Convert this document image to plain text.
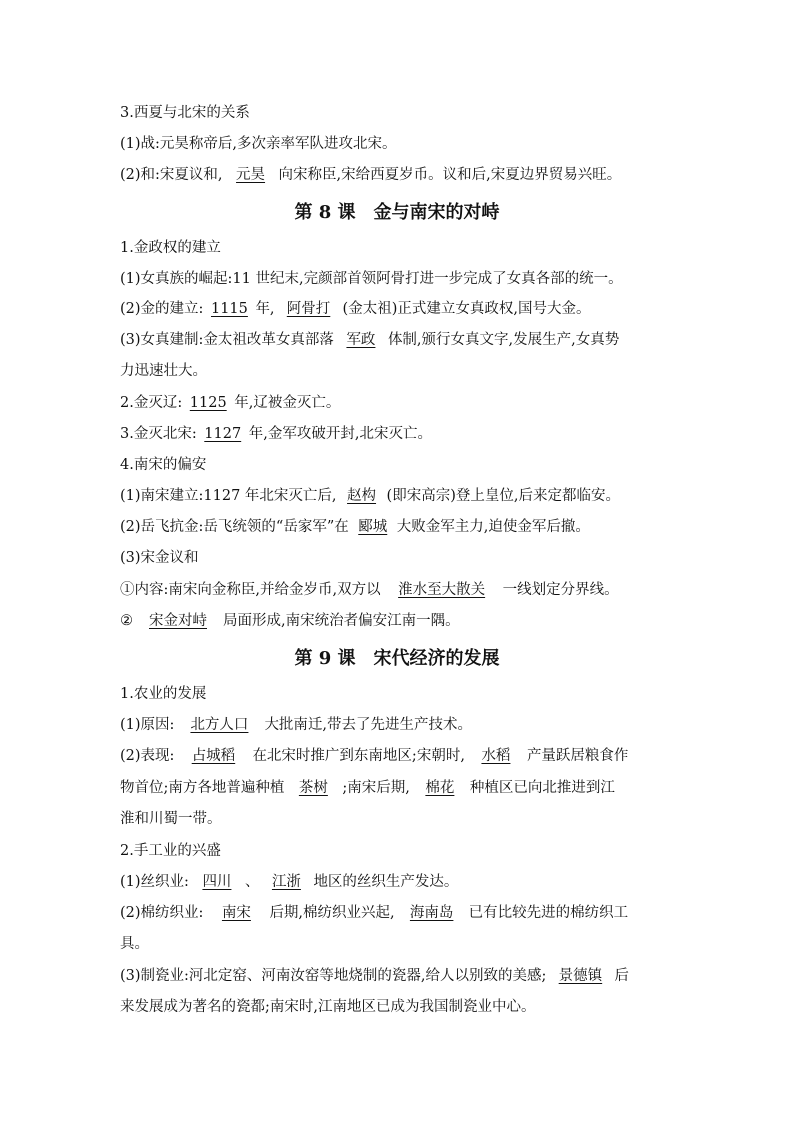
3.西夏与北宋的关系
(1)战:元昊称帝后,多次亲率军队进攻北宋。
(2)和:宋夏议和, 元昊 向宋称臣,宋给西夏岁币。议和后,宋夏边界贸易兴旺。
第 8 课　金与南宋的对峙
1.金政权的建立
(1)女真族的崛起:11 世纪末,完颜部首领阿骨打进一步完成了女真各部的统一。
(2)金的建立: 1115 年, 阿骨打 (金太祖)正式建立女真政权,国号大金。
(3)女真建制:金太祖改革女真部落 军政 体制,颁行女真文字,发展生产,女真势
力迅速壮大。
2.金灭辽: 1125 年,辽被金灭亡。
3.金灭北宋: 1127 年,金军攻破开封,北宋灭亡。
4.南宋的偏安
(1)南宋建立:1127 年北宋灭亡后, 赵构 (即宋高宗)登上皇位,后来定都临安。
(2)岳飞抗金:岳飞统领的“岳家军”在 郾城 大败金军主力,迫使金军后撤。
(3)宋金议和
①内容:南宋向金称臣,并给金岁币,双方以 淮水至大散关 一线划定分界线。
② 宋金对峙 局面形成,南宋统治者偏安江南一隅。
第 9 课　宋代经济的发展
1.农业的发展
(1)原因: 北方人口 大批南迁,带去了先进生产技术。
(2)表现: 占城稻 在北宋时推广到东南地区;宋朝时, 水稻 产量跃居粮食作
物首位;南方各地普遍种植 茶树 ;南宋后期, 棉花 种植区已向北推进到江
淮和川蜀一带。
2.手工业的兴盛
(1)丝织业: 四川 、 江浙 地区的丝织生产发达。
(2)棉纺织业: 南宋 后期,棉纺织业兴起, 海南岛 已有比较先进的棉纺织工
具。
(3)制瓷业:河北定窑、河南汝窑等地烧制的瓷器,给人以别致的美感; 景德镇 后
来发展成为著名的瓷都;南宋时,江南地区已成为我国制瓷业中心。
